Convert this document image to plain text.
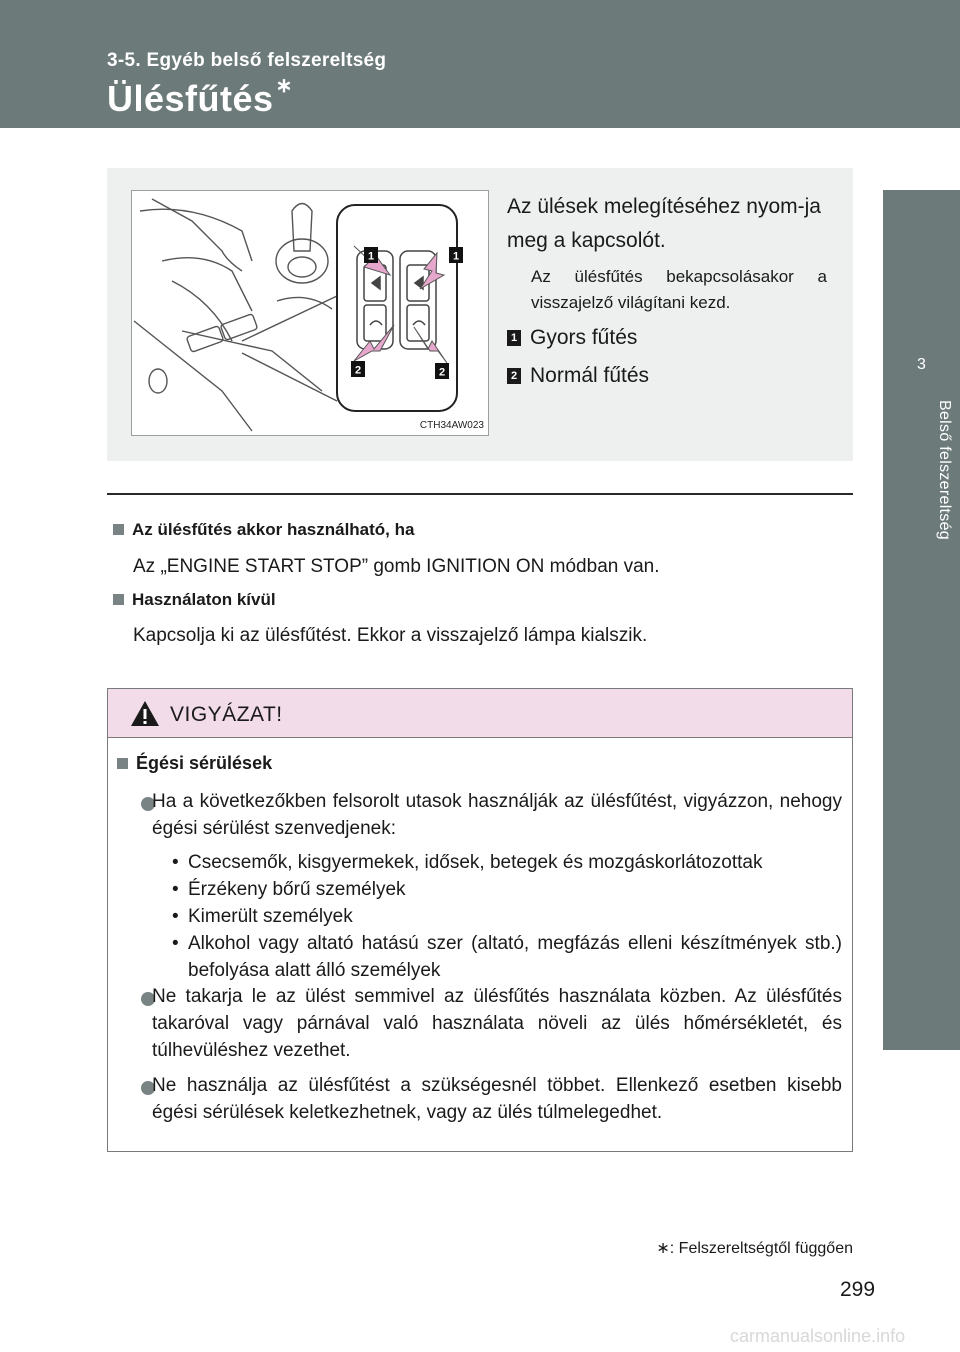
3-5. Egyéb belső felszereltség
Ülésfűtés ∗
3
Belső felszereltség
1	1
2	2
CTH34AW023
Az ülések melegítéséhez nyom-ja meg a kapcsolót.
Az ülésfűtés bekapcsolásakor a visszajelző világítani kezd.
1 Gyors fűtés
2 Normál fűtés
Az ülésfűtés akkor használható, ha
Az „ENGINE START STOP” gomb IGNITION ON módban van.
Használaton kívül
Kapcsolja ki az ülésfűtést. Ekkor a visszajelző lámpa kialszik.
VIGYÁZAT!
Égési sérülések
Ha a következőkben felsorolt utasok használják az ülésfűtést, vigyázzon, nehogy égési sérülést szenvedjenek:
• Csecsemők, kisgyermekek, idősek, betegek és mozgáskorlátozottak
• Érzékeny bőrű személyek
• Kimerült személyek
• Alkohol vagy altató hatású szer (altató, megfázás elleni készítmények stb.) befolyása alatt álló személyek
Ne takarja le az ülést semmivel az ülésfűtés használata közben. Az ülésfűtés takaróval vagy párnával való használata növeli az ülés hőmérsékletét, és túlhevüléshez vezethet.
Ne használja az ülésfűtést a szükségesnél többet. Ellenkező esetben kisebb égési sérülések keletkezhetnek, vagy az ülés túlmelegedhet.
∗: Felszereltségtől függően
299
carmanualsonline.info
